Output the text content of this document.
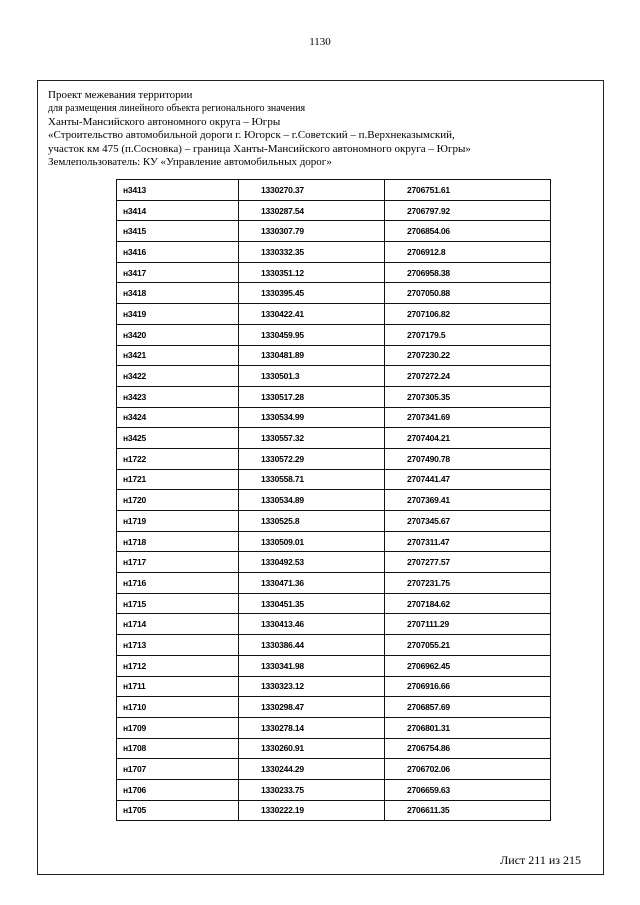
1130
Проект межевания территории
для размещения линейного объекта регионального значения
Ханты-Мансийского автономного округа – Югры
«Строительство автомобильной дороги г. Югорск – г.Советский – п.Верхнеказымский,
участок км 475 (п.Сосновка) – граница Ханты-Мансийского автономного округа – Югры»
Землепользователь: КУ «Управление автомобильных дорог»
н3413	1330270.37	2706751.61
н3414	1330287.54	2706797.92
н3415	1330307.79	2706854.06
н3416	1330332.35	2706912.8
н3417	1330351.12	2706958.38
н3418	1330395.45	2707050.88
н3419	1330422.41	2707106.82
н3420	1330459.95	2707179.5
н3421	1330481.89	2707230.22
н3422	1330501.3	2707272.24
н3423	1330517.28	2707305.35
н3424	1330534.99	2707341.69
н3425	1330557.32	2707404.21
н1722	1330572.29	2707490.78
н1721	1330558.71	2707441.47
н1720	1330534.89	2707369.41
н1719	1330525.8	2707345.67
н1718	1330509.01	2707311.47
н1717	1330492.53	2707277.57
н1716	1330471.36	2707231.75
н1715	1330451.35	2707184.62
н1714	1330413.46	2707111.29
н1713	1330386.44	2707055.21
н1712	1330341.98	2706962.45
н1711	1330323.12	2706916.66
н1710	1330298.47	2706857.69
н1709	1330278.14	2706801.31
н1708	1330260.91	2706754.86
н1707	1330244.29	2706702.06
н1706	1330233.75	2706659.63
н1705	1330222.19	2706611.35
Лист 211 из 215
